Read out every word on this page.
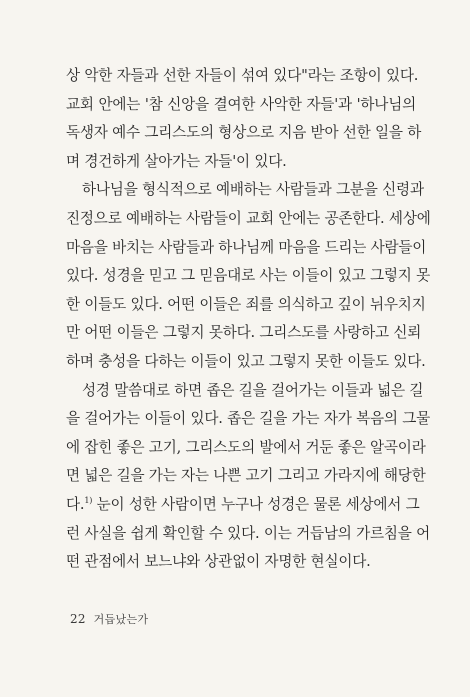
상 악한 자들과 선한 자들이 섞여 있다"라는 조항이 있다.
교회 안에는 '참 신앙을 결여한 사악한 자들'과 '하나님의
독생자 예수 그리스도의 형상으로 지음 받아 선한 일을 하
며 경건하게 살아가는 자들'이 있다.
하나님을 형식적으로 예배하는 사람들과 그분을 신령과
진정으로 예배하는 사람들이 교회 안에는 공존한다. 세상에
마음을 바치는 사람들과 하나님께 마음을 드리는 사람들이
있다. 성경을 믿고 그 믿음대로 사는 이들이 있고 그렇지 못
한 이들도 있다. 어떤 이들은 죄를 의식하고 깊이 뉘우치지
만 어떤 이들은 그렇지 못하다. 그리스도를 사랑하고 신뢰
하며 충성을 다하는 이들이 있고 그렇지 못한 이들도 있다.
성경 말씀대로 하면 좁은 길을 걸어가는 이들과 넓은 길
을 걸어가는 이들이 있다. 좁은 길을 가는 자가 복음의 그물
에 잡힌 좋은 고기, 그리스도의 발에서 거둔 좋은 알곡이라
면 넓은 길을 가는 자는 나쁜 고기 그리고 가라지에 해당한
다.$^{1)}$ 눈이 성한 사람이면 누구나 성경은 물론 세상에서 그
런 사실을 쉽게 확인할 수 있다. 이는 거듭남의 가르침을 어
떤 관점에서 보느냐와 상관없이 자명한 현실이다.
22 거듭났는가
